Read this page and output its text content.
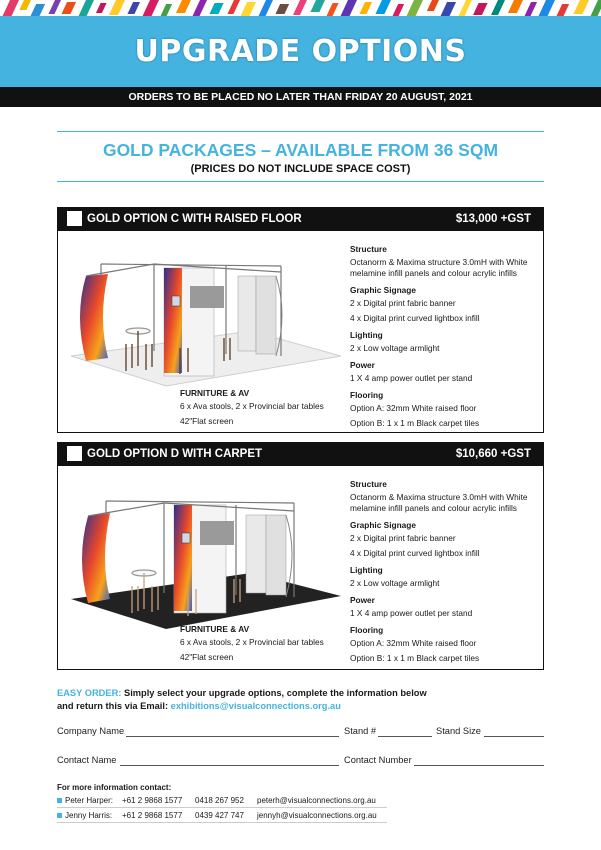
UPGRADE OPTIONS
ORDERS TO BE PLACED NO LATER THAN FRIDAY 20 AUGUST, 2021
GOLD PACKAGES – AVAILABLE FROM 36 SQM
(PRICES DO NOT INCLUDE SPACE COST)
GOLD OPTION C WITH RAISED FLOOR	$13,000 +GST
Structure
Octanorm & Maxima structure 3.0mH with White melamine infill panels and colour acrylic infills
Graphic Signage
2 x Digital print fabric banner
4 x Digital print curved lightbox infill
Lighting
2 x Low voltage armlight
Power
1 X 4 amp power outlet per stand
Flooring
Option A: 32mm White raised floor
Option B: 1 x 1 m Black carpet tiles
FURNITURE & AV
6 x Ava stools, 2 x Provincial bar tables
42"Flat screen
GOLD OPTION D WITH CARPET	$10,660 +GST
Structure
Octanorm & Maxima structure 3.0mH with White melamine infill panels and colour acrylic infills
Graphic Signage
2 x Digital print fabric banner
4 x Digital print curved lightbox infill
Lighting
2 x Low voltage armlight
Power
1 X 4 amp power outlet per stand
Flooring
Option A: 32mm White raised floor
Option B: 1 x 1 m Black carpet tiles
FURNITURE & AV
6 x Ava stools, 2 x Provincial bar tables
42"Flat screen
EASY ORDER: Simply select your upgrade options, complete the information below
and return this via Email: exhibitions@visualconnections.org.au
Company Name	Stand #	Stand Size
Contact Name	Contact Number
For more information contact:
Peter Harper: +61 2 9868 1577 0418 267 952 peterh@visualconnections.org.au
Jenny Harris: +61 2 9868 1577 0439 427 747 jennyh@visualconnections.org.au
